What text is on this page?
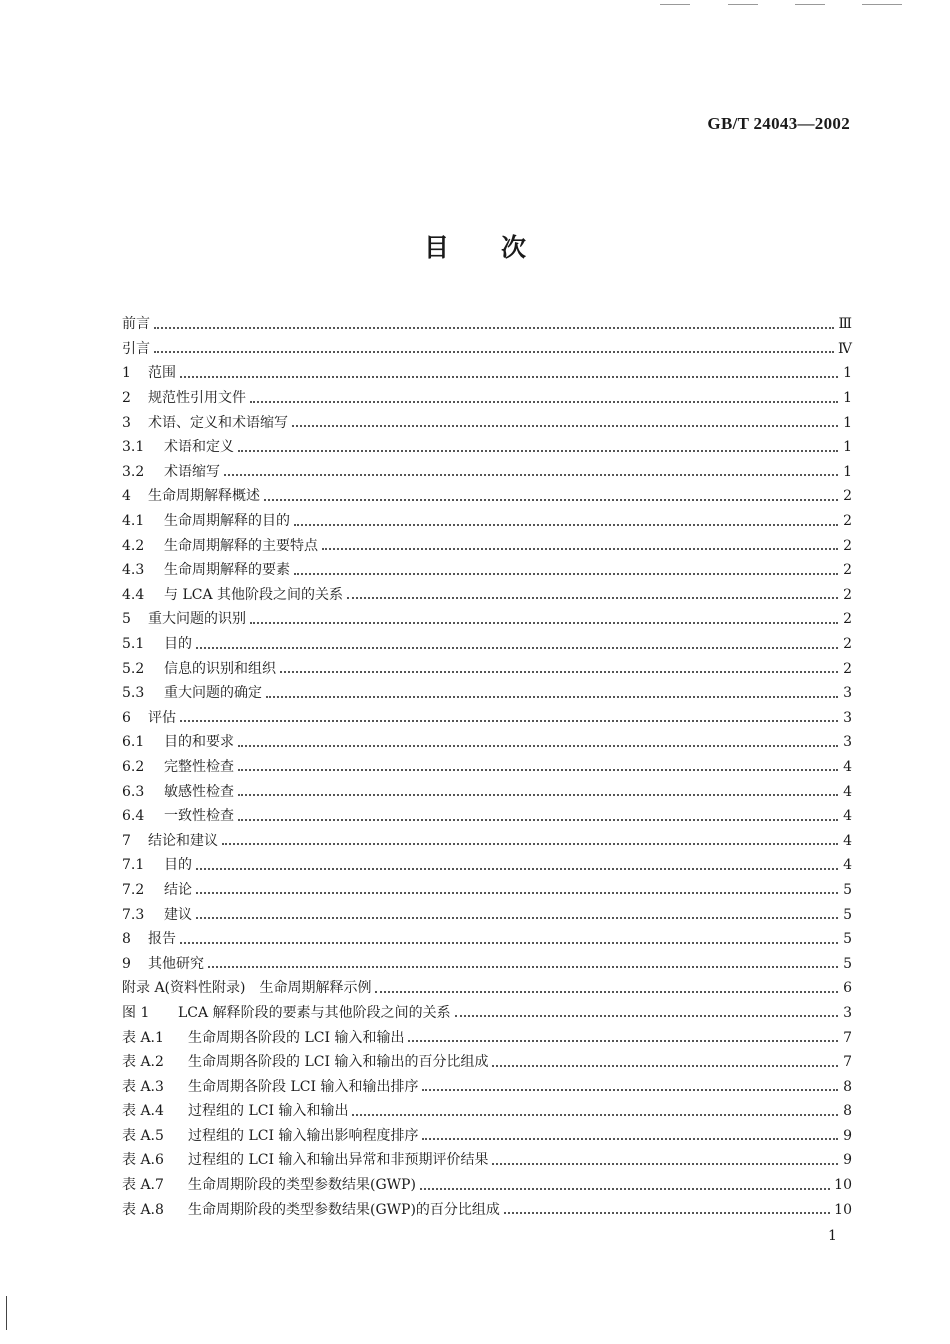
GB/T 24043—2002
目 次
前言	Ⅲ
引言	Ⅳ
1	范围	1
2	规范性引用文件	1
3	术语、定义和术语缩写	1
3.1	术语和定义	1
3.2	术语缩写	1
4	生命周期解释概述	2
4.1	生命周期解释的目的	2
4.2	生命周期解释的主要特点	2
4.3	生命周期解释的要素	2
4.4	与 LCA 其他阶段之间的关系	2
5	重大问题的识别	2
5.1	目的	2
5.2	信息的识别和组织	2
5.3	重大问题的确定	3
6	评估	3
6.1	目的和要求	3
6.2	完整性检查	4
6.3	敏感性检查	4
6.4	一致性检查	4
7	结论和建议	4
7.1	目的	4
7.2	结论	5
7.3	建议	5
8	报告	5
9	其他研究	5
附录 A(资料性附录)　生命周期解释示例	6
图 1	LCA 解释阶段的要素与其他阶段之间的关系	3
表 A.1	生命周期各阶段的 LCI 输入和输出	7
表 A.2	生命周期各阶段的 LCI 输入和输出的百分比组成	7
表 A.3	生命周期各阶段 LCI 输入和输出排序	8
表 A.4	过程组的 LCI 输入和输出	8
表 A.5	过程组的 LCI 输入输出影响程度排序	9
表 A.6	过程组的 LCI 输入和输出异常和非预期评价结果	9
表 A.7	生命周期阶段的类型参数结果(GWP)	10
表 A.8	生命周期阶段的类型参数结果(GWP)的百分比组成	10
1
